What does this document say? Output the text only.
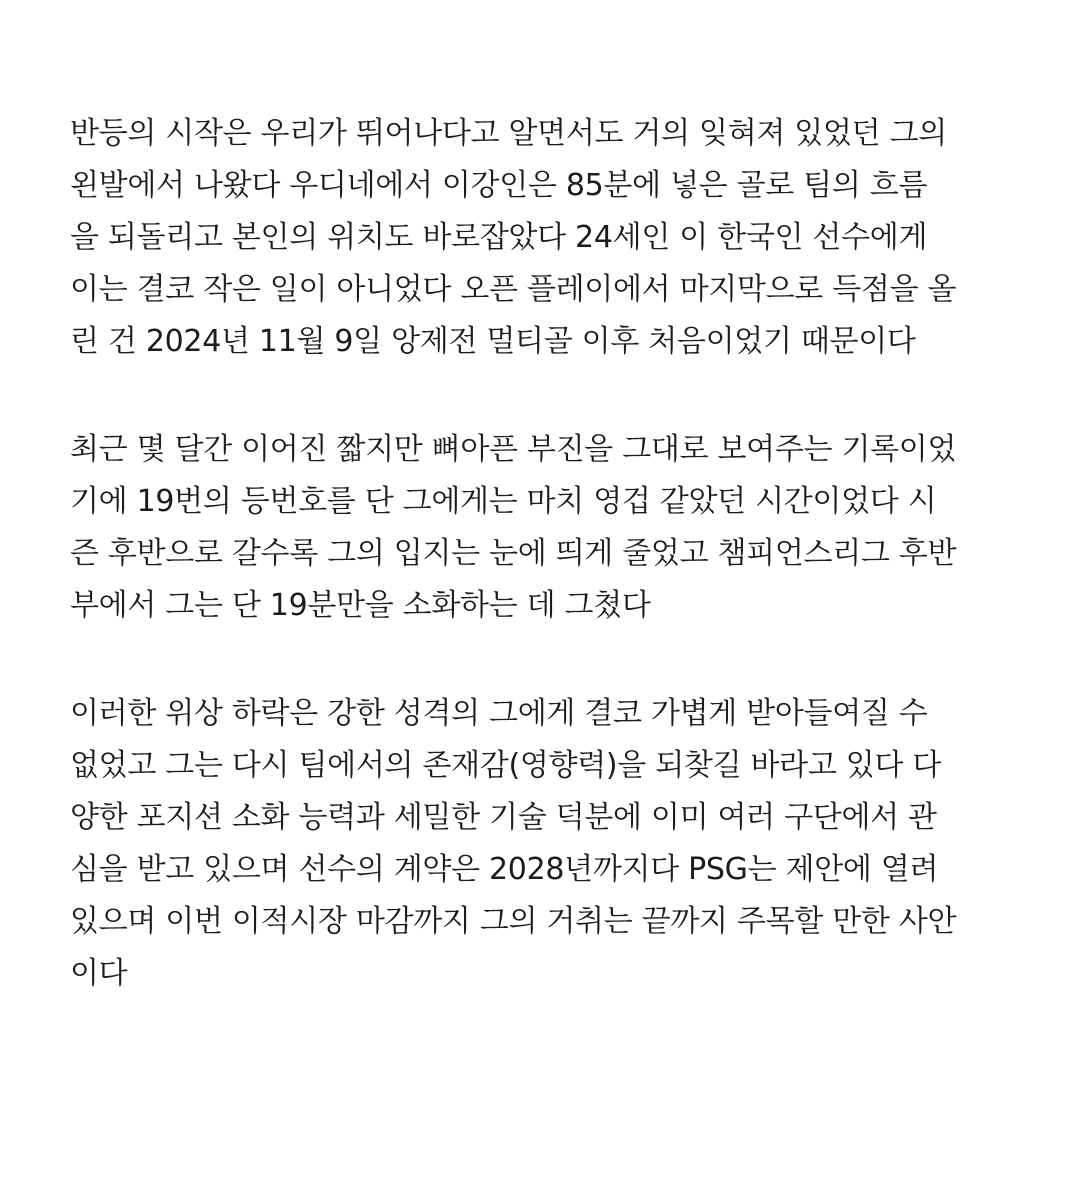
반등의 시작은 우리가 뛰어나다고 알면서도 거의 잊혀져 있었던 그의
왼발에서 나왔다 우디네에서 이강인은 85분에 넣은 골로 팀의 흐름
을 되돌리고 본인의 위치도 바로잡았다 24세인 이 한국인 선수에게
이는 결코 작은 일이 아니었다 오픈 플레이에서 마지막으로 득점을 올
린 건 2024년 11월 9일 앙제전 멀티골 이후 처음이었기 때문이다
최근 몇 달간 이어진 짧지만 뼈아픈 부진을 그대로 보여주는 기록이었
기에 19번의 등번호를 단 그에게는 마치 영겁 같았던 시간이었다 시
즌 후반으로 갈수록 그의 입지는 눈에 띄게 줄었고 챔피언스리그 후반
부에서 그는 단 19분만을 소화하는 데 그쳤다
이러한 위상 하락은 강한 성격의 그에게 결코 가볍게 받아들여질 수
없었고 그는 다시 팀에서의 존재감(영향력)을 되찾길 바라고 있다 다
양한 포지션 소화 능력과 세밀한 기술 덕분에 이미 여러 구단에서 관
심을 받고 있으며 선수의 계약은 2028년까지다 PSG는 제안에 열려
있으며 이번 이적시장 마감까지 그의 거취는 끝까지 주목할 만한 사안
이다
